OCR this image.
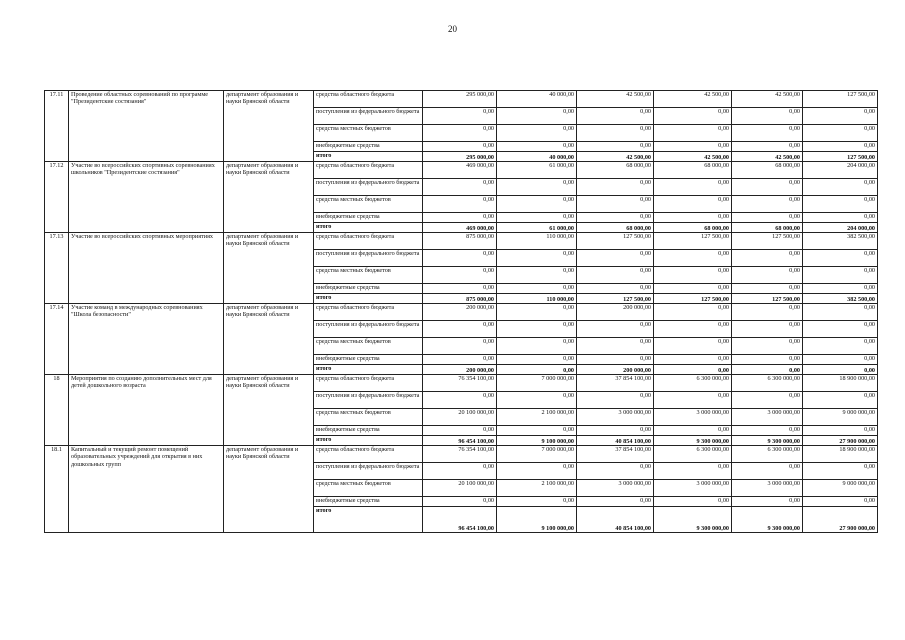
20
17.11	Проведение областных соревнований по программе "Президентские состязания"	департамент образования и науки Брянской области	средства областного бюджета	295 000,00	40 000,00	42 500,00	42 500,00	42 500,00	127 500,00
			поступления из федерального бюджета	0,00	0,00	0,00	0,00	0,00	0,00
			средства местных бюджетов	0,00	0,00	0,00	0,00	0,00	0,00
			внебюджетные средства	0,00	0,00	0,00	0,00	0,00	0,00
			итого	295 000,00	40 000,00	42 500,00	42 500,00	42 500,00	127 500,00
17.12	Участие во всероссийских спортивных соревнованиях школьников "Президентские состязания"	департамент образования и науки Брянской области	средства областного бюджета	469 000,00	61 000,00	68 000,00	68 000,00	68 000,00	204 000,00
			поступления из федерального бюджета	0,00	0,00	0,00	0,00	0,00	0,00
			средства местных бюджетов	0,00	0,00	0,00	0,00	0,00	0,00
			внебюджетные средства	0,00	0,00	0,00	0,00	0,00	0,00
			итого	469 000,00	61 000,00	68 000,00	68 000,00	68 000,00	204 000,00
17.13	Участие во всероссийских спортивных мероприятиях	департамент образования и науки Брянской области	средства областного бюджета	875 000,00	110 000,00	127 500,00	127 500,00	127 500,00	382 500,00
			поступления из федерального бюджета	0,00	0,00	0,00	0,00	0,00	0,00
			средства местных бюджетов	0,00	0,00	0,00	0,00	0,00	0,00
			внебюджетные средства	0,00	0,00	0,00	0,00	0,00	0,00
			итого	875 000,00	110 000,00	127 500,00	127 500,00	127 500,00	382 500,00
17.14	Участие команд в международных соревнованиях "Школа безопасности"	департамент образования и науки Брянской области	средства областного бюджета	200 000,00	0,00	200 000,00	0,00	0,00	0,00
			поступления из федерального бюджета	0,00	0,00	0,00	0,00	0,00	0,00
			средства местных бюджетов	0,00	0,00	0,00	0,00	0,00	0,00
			внебюджетные средства	0,00	0,00	0,00	0,00	0,00	0,00
			итого	200 000,00	0,00	200 000,00	0,00	0,00	0,00
18	Мероприятия по созданию дополнительных мест для детей дошкольного возраста	департамент образования и науки Брянской области	средства областного бюджета	76 354 100,00	7 000 000,00	37 854 100,00	6 300 000,00	6 300 000,00	18 900 000,00
			поступления из федерального бюджета	0,00	0,00	0,00	0,00	0,00	0,00
			средства местных бюджетов	20 100 000,00	2 100 000,00	3 000 000,00	3 000 000,00	3 000 000,00	9 000 000,00
			внебюджетные средства	0,00	0,00	0,00	0,00	0,00	0,00
			итого	96 454 100,00	9 100 000,00	40 854 100,00	9 300 000,00	9 300 000,00	27 900 000,00
18.1	Капитальный и текущий ремонт помещений образовательных учреждений для открытия в них дошкольных групп	департамент образования и науки Брянской области	средства областного бюджета	76 354 100,00	7 000 000,00	37 854 100,00	6 300 000,00	6 300 000,00	18 900 000,00
			поступления из федерального бюджета	0,00	0,00	0,00	0,00	0,00	0,00
			средства местных бюджетов	20 100 000,00	2 100 000,00	3 000 000,00	3 000 000,00	3 000 000,00	9 000 000,00
			внебюджетные средства	0,00	0,00	0,00	0,00	0,00	0,00
			итого	96 454 100,00	9 100 000,00	40 854 100,00	9 300 000,00	9 300 000,00	27 900 000,00
